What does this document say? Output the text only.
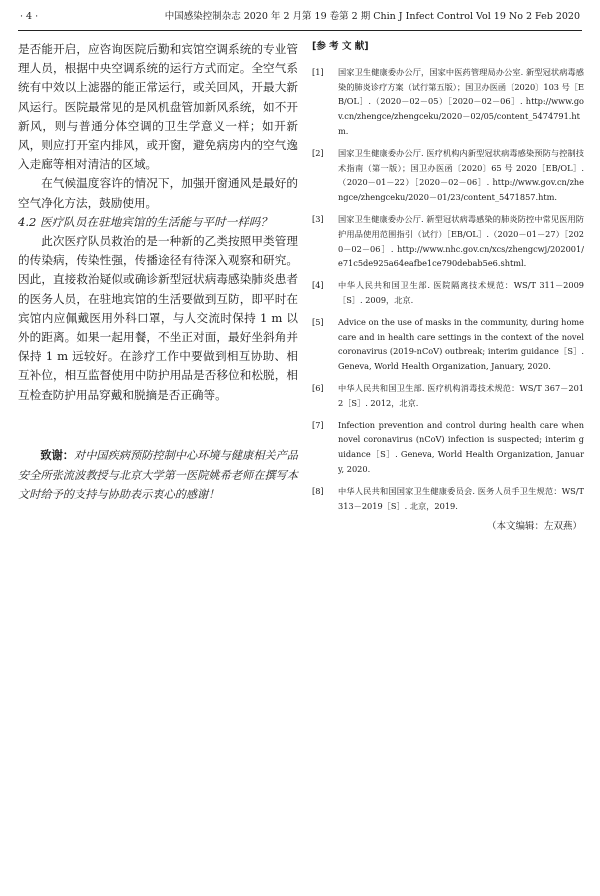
· 4 ·	中国感染控制杂志 2020 年 2 月第 19 卷第 2 期 Chin J Infect Control Vol 19 No 2 Feb 2020

是否能开启，应咨询医院后勤和宾馆空调系统的专业管理人员，根据中央空调系统的运行方式而定。全空气系统有中效以上滤器的能正常运行，或关回风，开最大新风运行。医院最常见的是风机盘管加新风系统，如不开新风，则与普通分体空调的卫生学意义一样；如开新风，则应打开室内排风，或开窗，避免病房内的空气逸入走廊等相对清洁的区域。

在气候温度容许的情况下，加强开窗通风是最好的空气净化方法，鼓励使用。

4.2 医疗队员在驻地宾馆的生活能与平时一样吗？

此次医疗队员救治的是一种新的乙类按照甲类管理的传染病，传染性强，传播途径有待深入观察和研究。因此，直接救治疑似或确诊新型冠状病毒感染肺炎患者的医务人员，在驻地宾馆的生活要做到互防，即平时在宾馆内应佩戴医用外科口罩，与人交流时保持 1 m 以外的距离。如果一起用餐，不坐正对面，最好坐斜角并保持 1 m 远较好。在診疗工作中要做到相互协助、相互补位，相互监督使用中防护用品是否移位和松脱，相互检查防护用品穿戴和脱摘是否正确等。

致谢：对中国疾病预防控制中心环境与健康相关产品安全所张流波教授与北京大学第一医院姚希老师在撰写本文时给予的支持与协助表示衷心的感谢！
[参 考 文 献]
[1]	国家卫生健康委办公厅，国家中医药管理局办公室. 新型冠状病毒感染的肺炎诊疗方案（试行第五版）；国卫办医函〔2020〕103 号［EB/OL］.（2020－02－05）［2020－02－06］. http://www.gov.cn/zhengce/zhengceku/2020－02/05/content_5474791.htm.
[2]	国家卫生健康委办公厅. 医疗机构内新型冠状病毒感染预防与控制技术指南（第一版）；国卫办医函〔2020〕65 号 2020［EB/OL］.（2020－01－22）［2020－02－06］. http://www.gov.cn/zhengce/zhengceku/2020－01/23/content_5471857.htm.
[3]	国家卫生健康委办公厅. 新型冠状病毒感染的肺炎防控中常见医用防护用品使用范围指引（试行）［EB/OL］.（2020－01－27）［2020－02－06］. http://www.nhc.gov.cn/xcs/zhengcwj/202001/e71c5de925a64eafbe1ce790debab5e6.shtml.
[4]	中华人民共和国卫生部. 医院隔离技术规范：WS/T 311－2009［S］. 2009，北京.
[5]	Advice on the use of masks in the community, during home care and in health care settings in the context of the novel coronavirus (2019-nCoV) outbreak; interim guidance［S］. Geneva, World Health Organization, January, 2020.
[6]	中华人民共和国卫生部. 医疗机构消毒技术规范：WS/T 367－2012［S］. 2012，北京.
[7]	Infection prevention and control during health care when novel coronavirus (nCoV) infection is suspected; interim guidance［S］. Geneva, World Health Organization, January, 2020.
[8]	中华人民共和国国家卫生健康委员会. 医务人员手卫生规范：WS/T 313－2019［S］. 北京，2019.
（本文编辑：左双燕）
